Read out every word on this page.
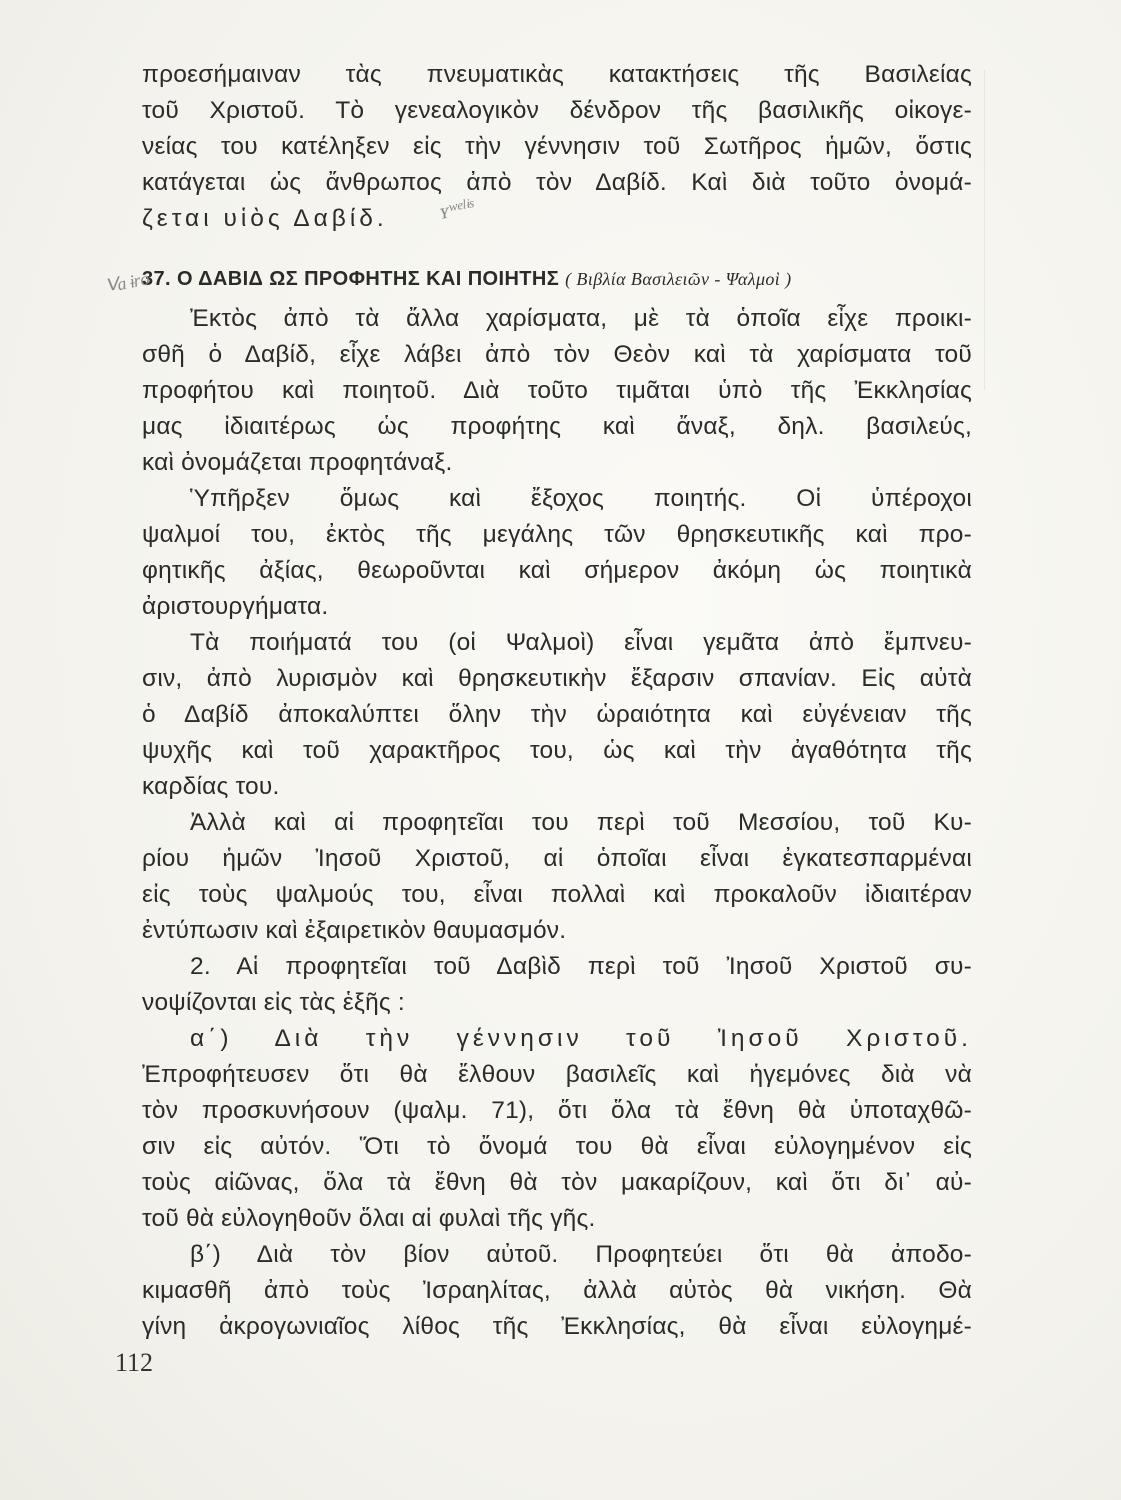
προεσήμαιναν τὰς πνευματικὰς κατακτήσεις τῆς Βασιλείας
τοῦ Χριστοῦ. Τὸ γενεαλογικὸν δένδρον τῆς βασιλικῆς οἰκογε-
νείας του κατέληξεν εἰς τὴν γέννησιν τοῦ Σωτῆρος ἡμῶν, ὅστις
κατάγεται ὡς ἄνθρωπος ἀπὸ τὸν Δαβίδ. Καὶ διὰ τοῦτο ὀνομά-
ζεται υἱὸς Δαβίδ.
37. Ο ΔΑΒΙΔ ΩΣ ΠΡΟΦΗΤΗΣ ΚΑΙ ΠΟΙΗΤΗΣ ( Βιβλία Βασιλειῶν - Ψαλμοὶ )
Ἐκτὸς ἀπὸ τὰ ἄλλα χαρίσματα, μὲ τὰ ὁποῖα εἶχε προικι-
σθῆ ὁ Δαβίδ, εἶχε λάβει ἀπὸ τὸν Θεὸν καὶ τὰ χαρίσματα τοῦ
προφήτου καὶ ποιητοῦ. Διὰ τοῦτο τιμᾶται ὑπὸ τῆς Ἐκκλησίας
μας ἰδιαιτέρως ὡς προφήτης καὶ ἄναξ, δηλ. βασιλεύς,
καὶ ὀνομάζεται προφητάναξ.
Ὑπῆρξεν ὅμως καὶ ἔξοχος ποιητής. Οἱ ὑπέροχοι
ψαλμοί του, ἐκτὸς τῆς μεγάλης τῶν θρησκευτικῆς καὶ προ-
φητικῆς ἀξίας, θεωροῦνται καὶ σήμερον ἀκόμη ὡς ποιητικὰ
ἀριστουργήματα.
Τὰ ποιήματά του (οἱ Ψαλμοὶ) εἶναι γεμᾶτα ἀπὸ ἔμπνευ-
σιν, ἀπὸ λυρισμὸν καὶ θρησκευτικὴν ἔξαρσιν σπανίαν. Εἰς αὐτὰ
ὁ Δαβίδ ἀποκαλύπτει ὅλην τὴν ὡραιότητα καὶ εὐγένειαν τῆς
ψυχῆς καὶ τοῦ χαρακτῆρος του, ὡς καὶ τὴν ἀγαθότητα τῆς
καρδίας του.
Ἀλλὰ καὶ αἱ προφητεῖαι του περὶ τοῦ Μεσσίου, τοῦ Κυ-
ρίου ἡμῶν Ἰησοῦ Χριστοῦ, αἱ ὁποῖαι εἶναι ἐγκατεσπαρμέναι
εἰς τοὺς ψαλμούς του, εἶναι πολλαὶ καὶ προκαλοῦν ἰδιαιτέραν
ἐντύπωσιν καὶ ἐξαιρετικὸν θαυμασμόν.
2. Αἱ προφητεῖαι τοῦ Δαβὶδ περὶ τοῦ Ἰησοῦ Χριστοῦ συ-
νοψίζονται εἰς τὰς ἑξῆς :
α΄) Διὰ τὴν γέννησιν τοῦ Ἰησοῦ Χριστοῦ.
Ἐπροφήτευσεν ὅτι θὰ ἔλθουν βασιλεῖς καὶ ἡγεμόνες διὰ νὰ
τὸν προσκυνήσουν (ψαλμ. 71), ὅτι ὅλα τὰ ἔθνη θὰ ὑποταχθῶ-
σιν εἰς αὐτόν. Ὅτι τὸ ὄνομά του θὰ εἶναι εὐλογημένον εἰς
τοὺς αἰῶνας, ὅλα τὰ ἔθνη θὰ τὸν μακαρίζουν, καὶ ὅτι δι᾽ αὐ-
τοῦ θὰ εὐλογηθοῦν ὅλαι αἱ φυλαὶ τῆς γῆς.
β΄) Διὰ τὸν βίον αὐτοῦ. Προφητεύει ὅτι θὰ ἀποδο-
κιμασθῆ ἀπὸ τοὺς Ἰσραηλίτας, ἀλλὰ αὐτὸς θὰ νικήση. Θὰ
γίνη ἀκρογωνιαῖος λίθος τῆς Ἐκκλησίας, θὰ εἶναι εὐλογημέ-
ʏʷᵉˡᶤˢ
ⱽᵃᶤʳᵒ
112
